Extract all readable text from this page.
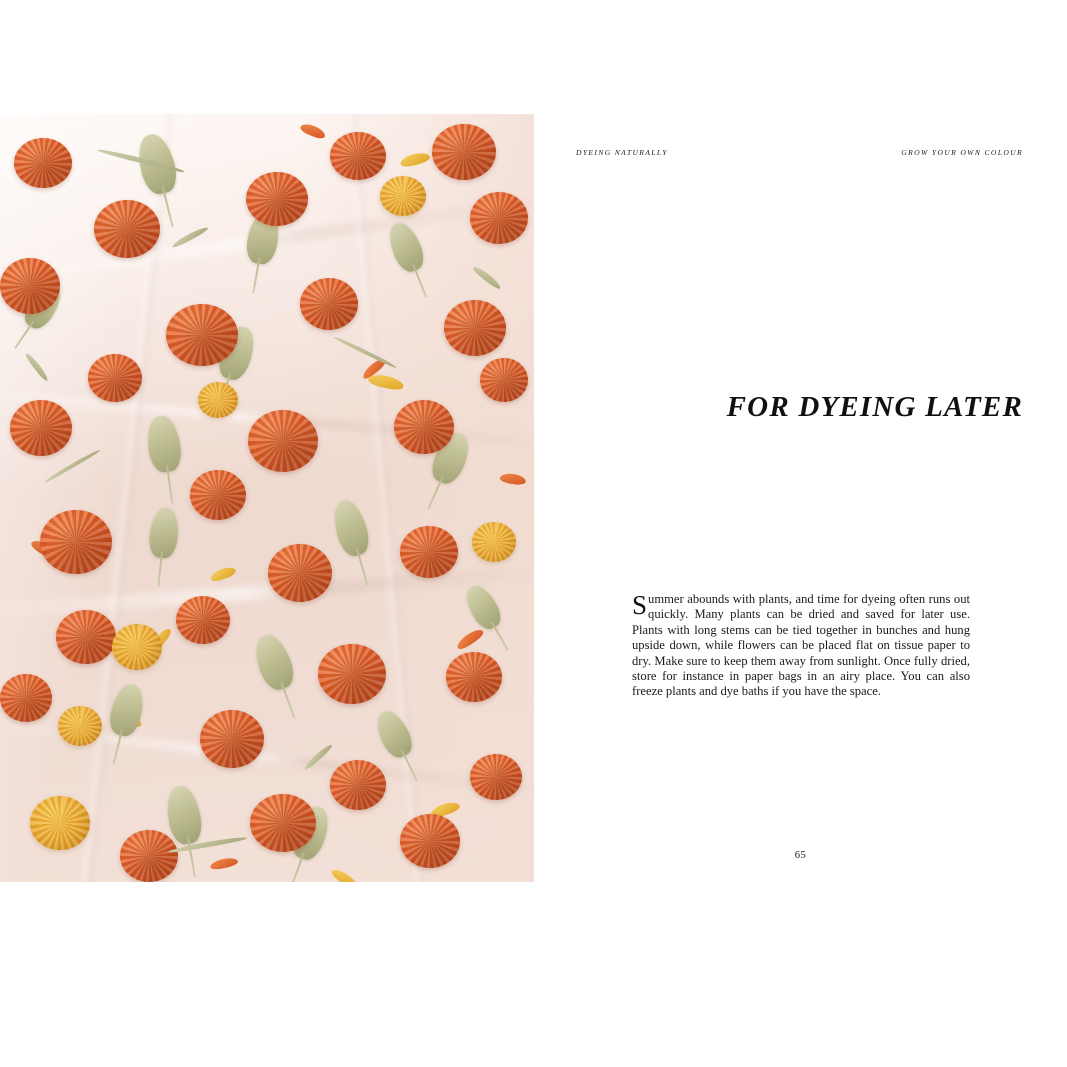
DYEING NATURALLY	GROW YOUR OWN COLOUR
FOR DYEING LATER

Summer abounds with plants, and time for dyeing often runs out quickly. Many plants can be dried and saved for later use. Plants with long stems can be tied together in bunches and hung upside down, while flowers can be placed flat on tissue paper to dry. Make sure to keep them away from sunlight. Once fully dried, store for instance in paper bags in an airy place. You can also freeze plants and dye baths if you have the space.

65
